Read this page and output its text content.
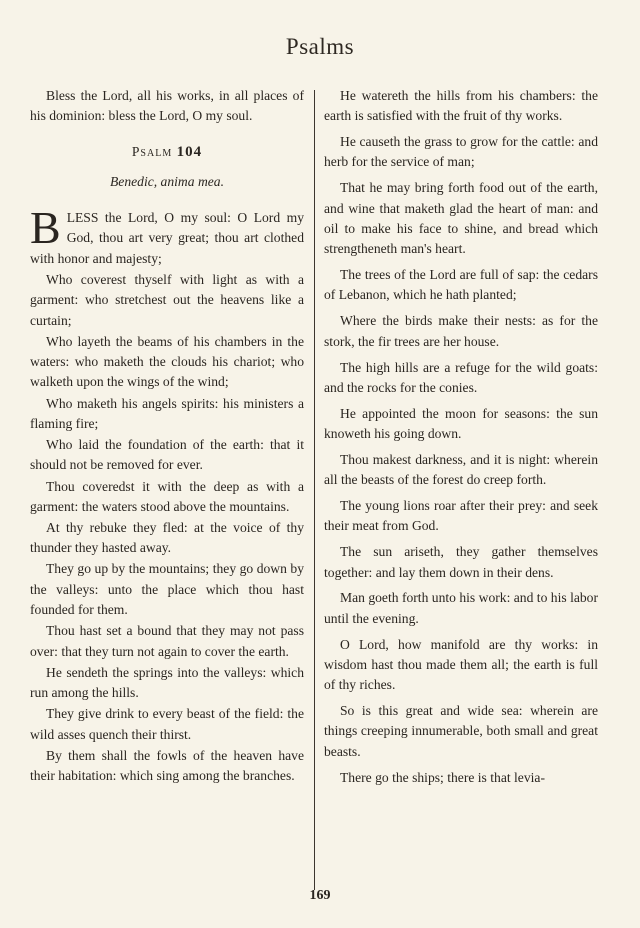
Psalms

Bless the Lord, all his works, in all places of his dominion: bless the Lord, O my soul.

Psalm 104
Benedic, anima mea.

BLESS the Lord, O my soul: O Lord my God, thou art very great; thou art clothed with honor and majesty;

Who coverest thyself with light as with a garment: who stretchest out the heavens like a curtain;

Who layeth the beams of his chambers in the waters: who maketh the clouds his chariot; who walketh upon the wings of the wind;

Who maketh his angels spirits: his ministers a flaming fire;

Who laid the foundation of the earth: that it should not be removed for ever.

Thou coveredst it with the deep as with a garment: the waters stood above the mountains.

At thy rebuke they fled: at the voice of thy thunder they hasted away.

They go up by the mountains; they go down by the valleys: unto the place which thou hast founded for them.

Thou hast set a bound that they may not pass over: that they turn not again to cover the earth.

He sendeth the springs into the valleys: which run among the hills.

They give drink to every beast of the field: the wild asses quench their thirst.

By them shall the fowls of the heaven have their habitation: which sing among the branches.

He watereth the hills from his chambers: the earth is satisfied with the fruit of thy works.

He causeth the grass to grow for the cattle: and herb for the service of man;

That he may bring forth food out of the earth, and wine that maketh glad the heart of man: and oil to make his face to shine, and bread which strengtheneth man's heart.

The trees of the Lord are full of sap: the cedars of Lebanon, which he hath planted;

Where the birds make their nests: as for the stork, the fir trees are her house.

The high hills are a refuge for the wild goats: and the rocks for the conies.

He appointed the moon for seasons: the sun knoweth his going down.

Thou makest darkness, and it is night: wherein all the beasts of the forest do creep forth.

The young lions roar after their prey: and seek their meat from God.

The sun ariseth, they gather themselves together: and lay them down in their dens.

Man goeth forth unto his work: and to his labor until the evening.

O Lord, how manifold are thy works: in wisdom hast thou made them all; the earth is full of thy riches.

So is this great and wide sea: wherein are things creeping innumerable, both small and great beasts.

There go the ships; there is that levia-

169
